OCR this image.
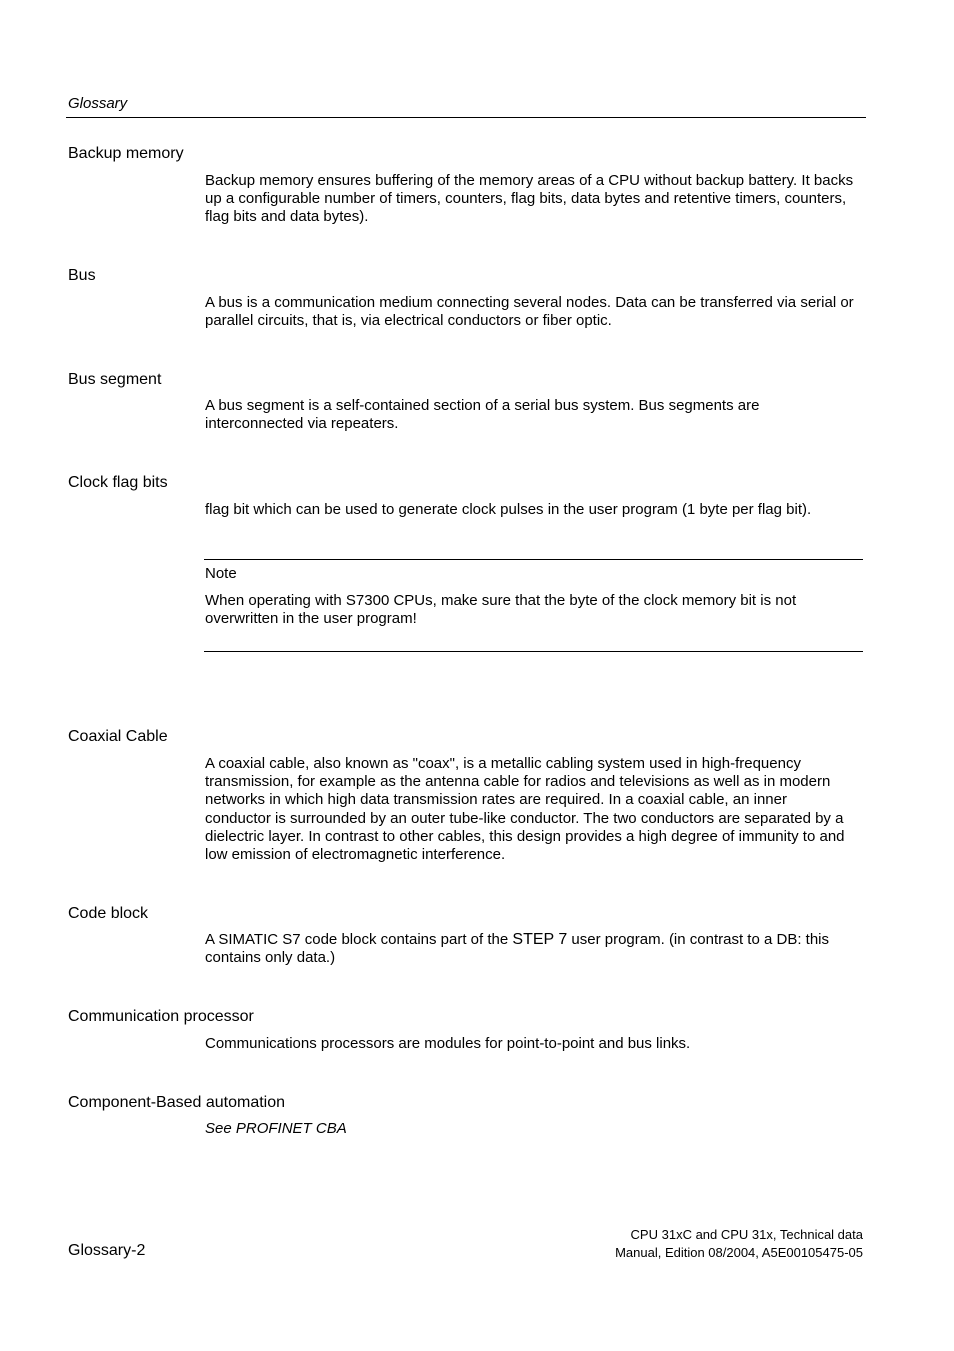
Glossary
Backup memory
Backup memory ensures buffering of the memory areas of a CPU without backup battery. It backs up a configurable number of timers, counters, flag bits, data bytes and retentive timers, counters, flag bits and data bytes).
Bus
A bus is a communication medium connecting several nodes. Data can be transferred via serial or parallel circuits, that is, via electrical conductors or fiber optic.
Bus segment
A bus segment is a self-contained section of a serial bus system. Bus segments are interconnected via repeaters.
Clock flag bits
flag bit which can be used to generate clock pulses in the user program (1 byte per flag bit).
Note
When operating with S7300 CPUs, make sure that the byte of the clock memory bit is not overwritten in the user program!
Coaxial Cable
A coaxial cable, also known as "coax", is a metallic cabling system used in high-frequency transmission, for example as the antenna cable for radios and televisions as well as in modern networks in which high data transmission rates are required. In a coaxial cable, an inner conductor is surrounded by an outer tube-like conductor. The two conductors are separated by a dielectric layer. In contrast to other cables, this design provides a high degree of immunity to and low emission of electromagnetic interference.
Code block
A SIMATIC S7 code block contains part of the STEP 7 user program. (in contrast to a DB: this contains only data.)
Communication processor
Communications processors are modules for point-to-point and bus links.
Component-Based automation
See PROFINET CBA
Glossary-2
CPU 31xC and CPU 31x, Technical data
Manual, Edition 08/2004, A5E00105475-05
